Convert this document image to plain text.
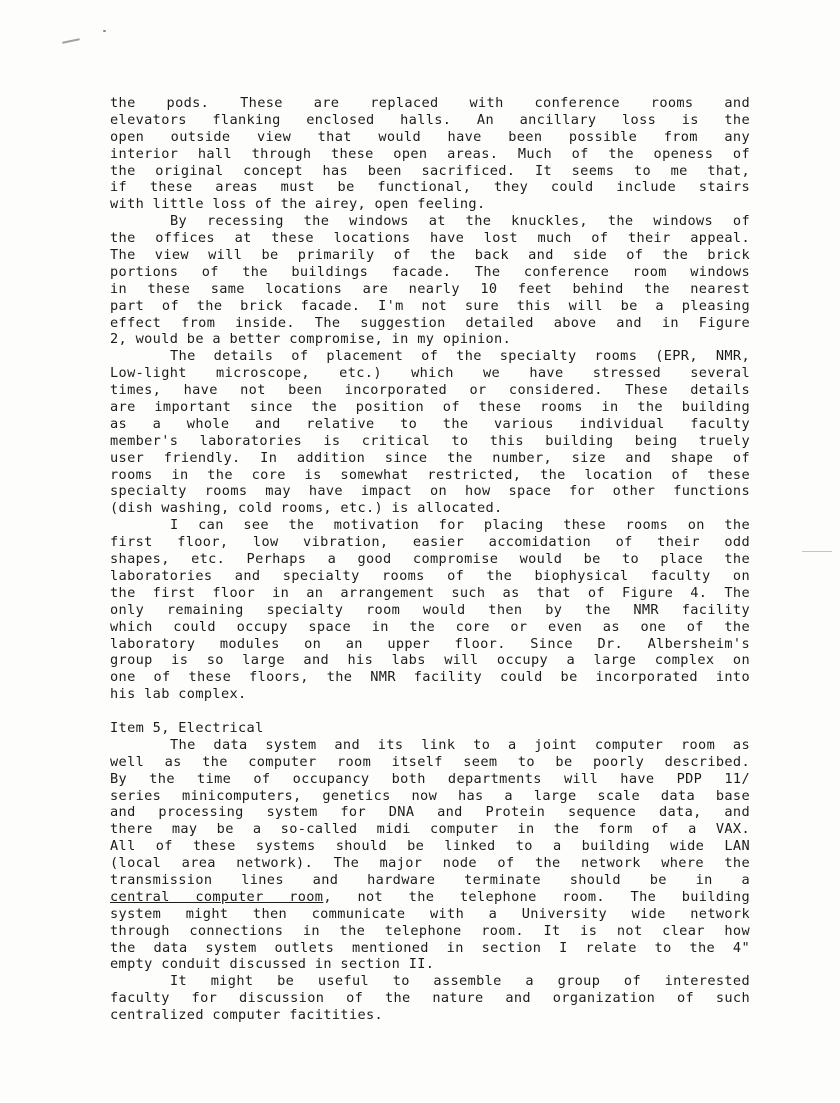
the pods. These are replaced with conference rooms and
elevators flanking enclosed halls. An ancillary loss is the
open outside view that would have been possible from any
interior hall through these open areas. Much of the openess of
the original concept has been sacrificed. It seems to me that,
if these areas must be functional, they could include stairs
with little loss of the airey, open feeling.
By recessing the windows at the knuckles, the windows of
the offices at these locations have lost much of their appeal.
The view will be primarily of the back and side of the brick
portions of the buildings facade. The conference room windows
in these same locations are nearly 10 feet behind the nearest
part of the brick facade. I'm not sure this will be a pleasing
effect from inside. The suggestion detailed above and in Figure
2, would be a better compromise, in my opinion.
The details of placement of the specialty rooms (EPR, NMR,
Low-light microscope, etc.) which we have stressed several
times, have not been incorporated or considered. These details
are important since the position of these rooms in the building
as a whole and relative to the various individual faculty
member's laboratories is critical to this building being truely
user friendly. In addition since the number, size and shape of
rooms in the core is somewhat restricted, the location of these
specialty rooms may have impact on how space for other functions
(dish washing, cold rooms, etc.) is allocated.
I can see the motivation for placing these rooms on the
first floor, low vibration, easier accomidation of their odd
shapes, etc. Perhaps a good compromise would be to place the
laboratories and specialty rooms of the biophysical faculty on
the first floor in an arrangement such as that of Figure 4. The
only remaining specialty room would then by the NMR facility
which could occupy space in the core or even as one of the
laboratory modules on an upper floor. Since Dr. Albersheim's
group is so large and his labs will occupy a large complex on
one of these floors, the NMR facility could be incorporated into
his lab complex.
Item 5, Electrical
The data system and its link to a joint computer room as
well as the computer room itself seem to be poorly described.
By the time of occupancy both departments will have PDP 11/
series minicomputers, genetics now has a large scale data base
and processing system for DNA and Protein sequence data, and
there may be a so-called midi computer in the form of a VAX.
All of these systems should be linked to a building wide LAN
(local area network). The major node of the network where the
transmission lines and hardware terminate should be in a
central computer room, not the telephone room. The building
system might then communicate with a University wide network
through connections in the telephone room. It is not clear how
the data system outlets mentioned in section I relate to the 4"
empty conduit discussed in section II.
It might be useful to assemble a group of interested
faculty for discussion of the nature and organization of such
centralized computer facitities.
